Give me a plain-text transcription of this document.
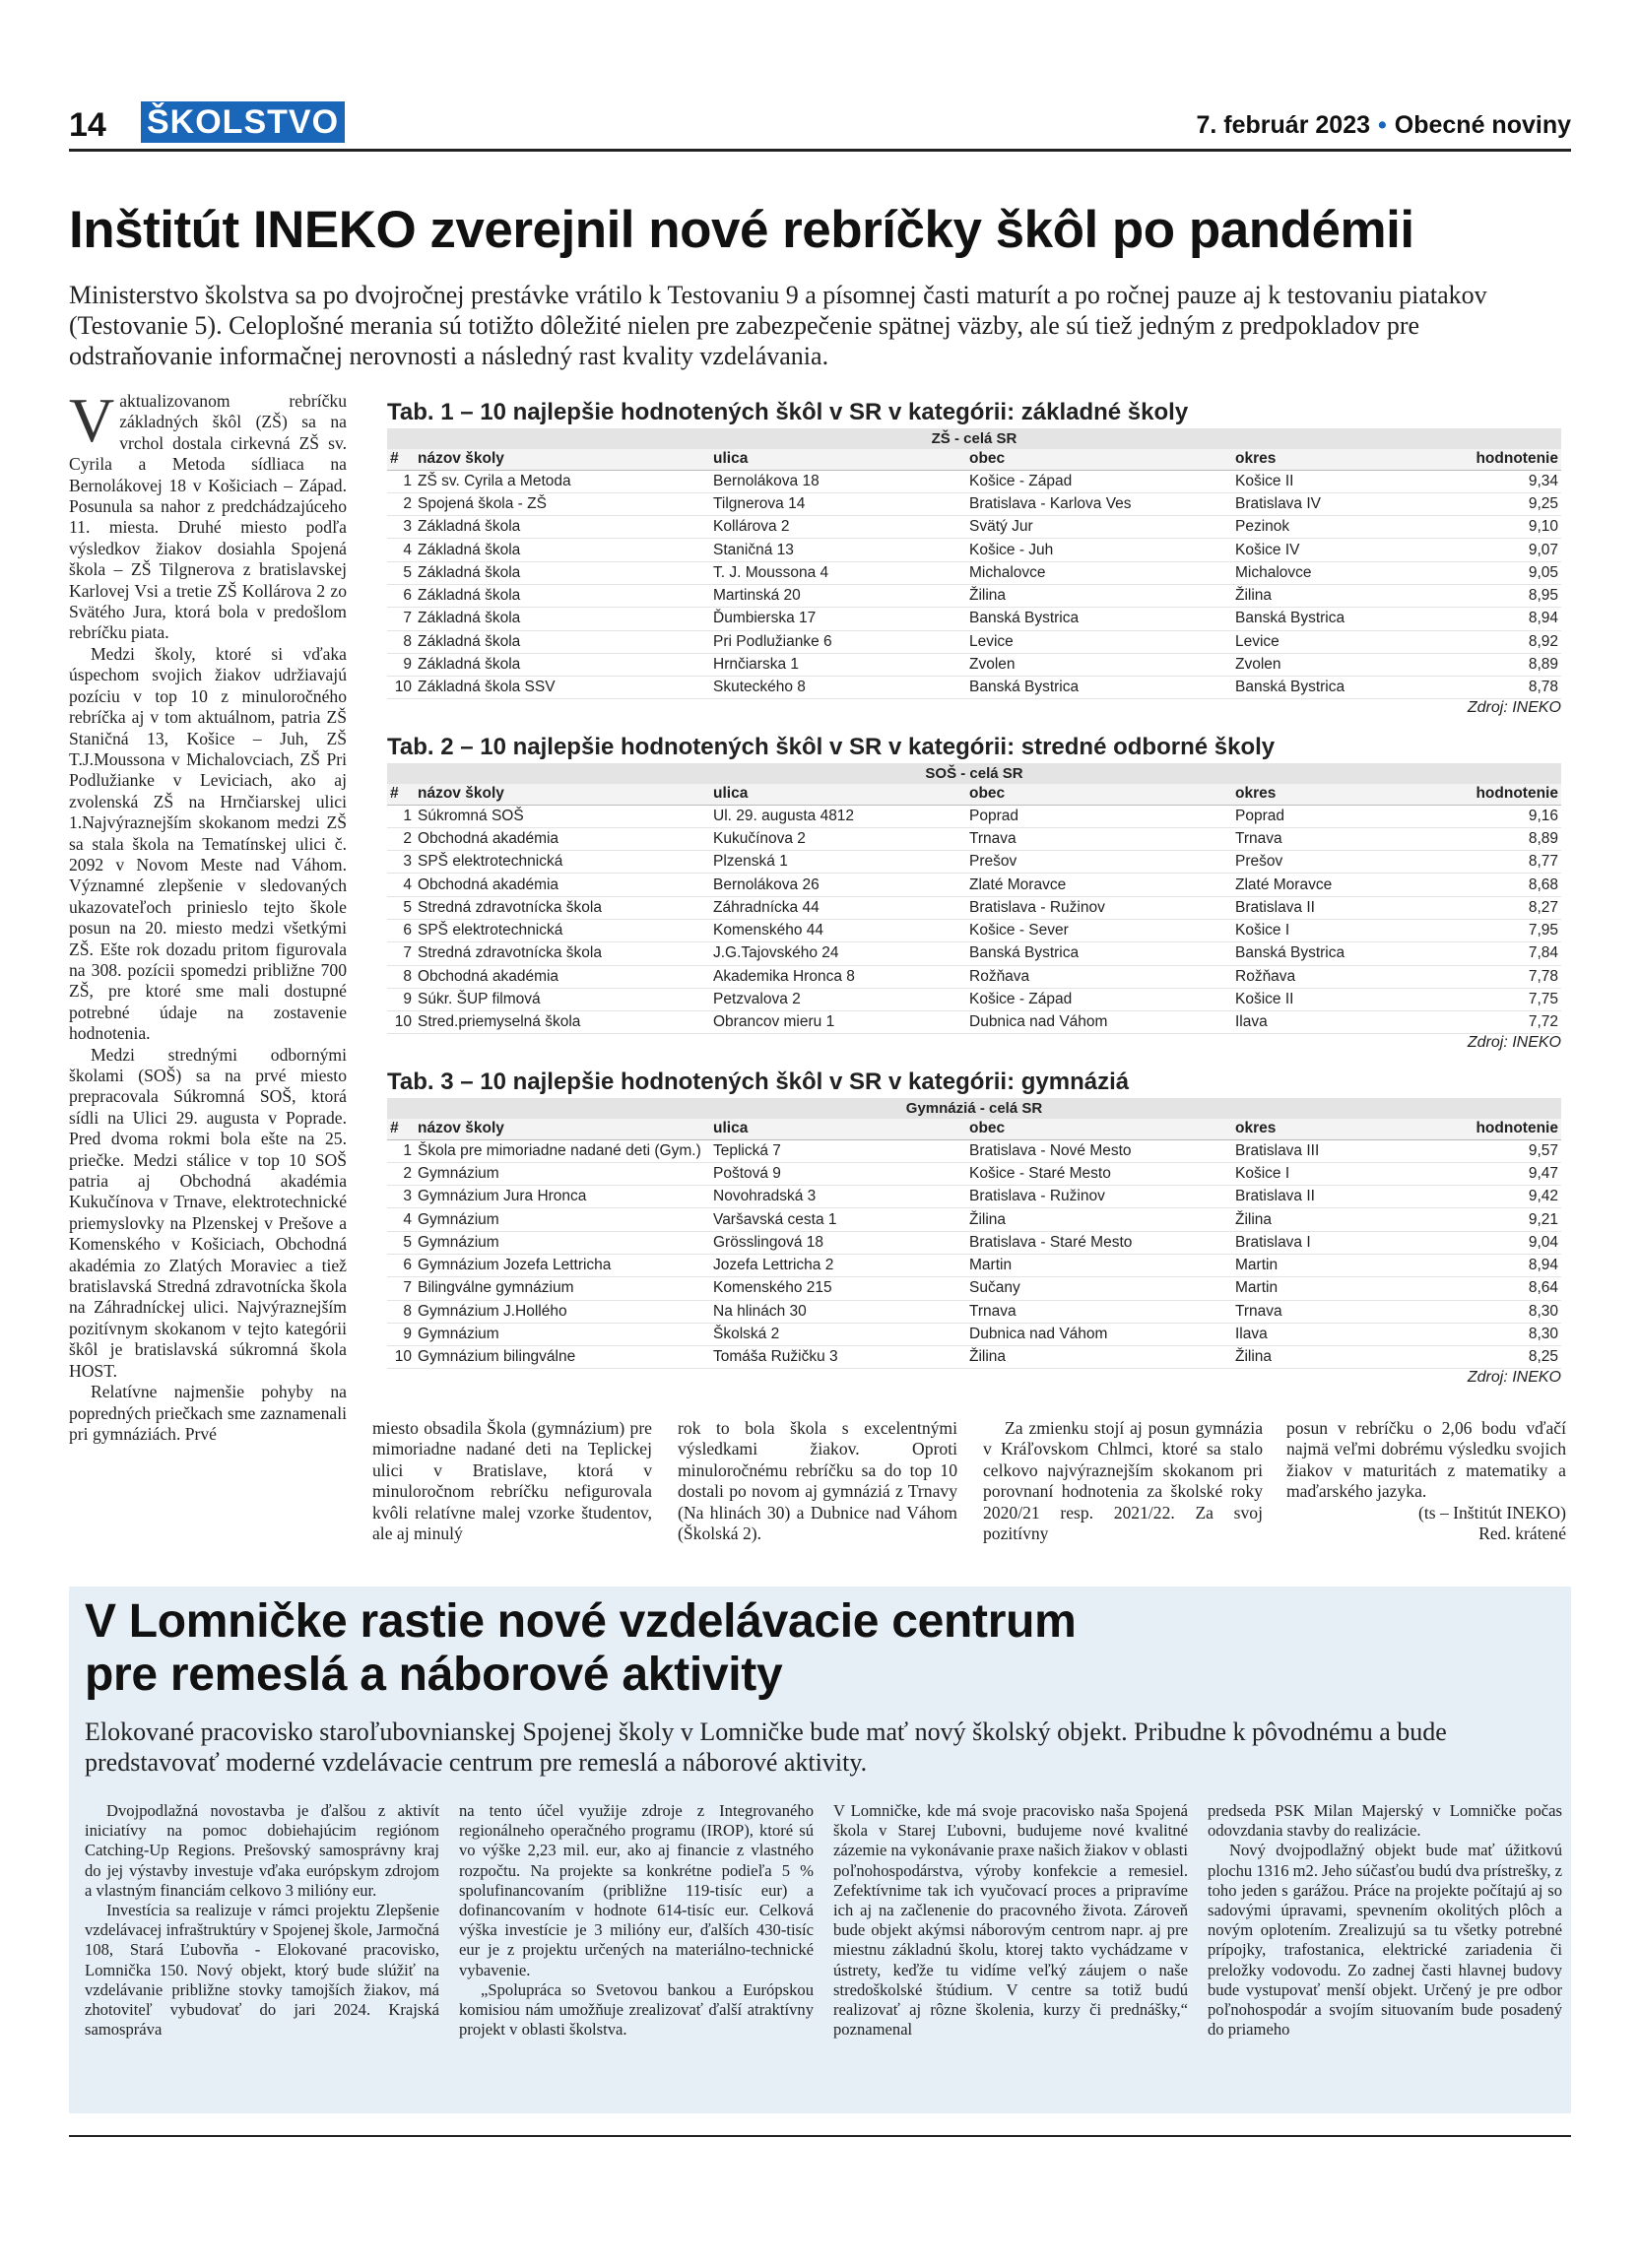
14 ŠKOLSTVO	7. február 2023 • Obecné noviny
Inštitút INEKO zverejnil nové rebríčky škôl po pandémii
Ministerstvo školstva sa po dvojročnej prestávke vrátilo k Testovaniu 9 a písomnej časti maturít a po ročnej pauze aj k testovaniu piatakov (Testovanie 5). Celoplošné merania sú totižto dôležité nielen pre zabezpečenie spätnej väzby, ale sú tiež jedným z predpokladov pre odstraňovanie informačnej nerovnosti a následný rast kvality vzdelávania.

Vaktualizovanom rebríčku základných škôl (ZŠ) sa na vrchol dostala cirkevná ZŠ sv. Cyrila a Metoda sídliaca na Bernolákovej 18 v Košiciach – Západ. Posunula sa nahor z predchádzajúceho 11. miesta. Druhé miesto podľa výsledkov žiakov dosiahla Spojená škola – ZŠ Tilgnerova z bratislavskej Karlovej Vsi a tretie ZŠ Kollárova 2 zo Svätého Jura, ktorá bola v predošlom rebríčku piata.

Medzi školy, ktoré si vďaka úspechom svojich žiakov udržiavajú pozíciu v top 10 z minuloročného rebríčka aj v tom aktuálnom, patria ZŠ Staničná 13, Košice – Juh, ZŠ T.J.Moussona v Michalovciach, ZŠ Pri Podlužianke v Leviciach, ako aj zvolenská ZŠ na Hrnčiarskej ulici 1.Najvýraznejším skokanom medzi ZŠ sa stala škola na Tematínskej ulici č. 2092 v Novom Meste nad Váhom. Významné zlepšenie v sledovaných ukazovateľoch prinieslo tejto škole posun na 20. miesto medzi všetkými ZŠ. Ešte rok dozadu pritom figurovala na 308. pozícii spomedzi približne 700 ZŠ, pre ktoré sme mali dostupné potrebné údaje na zostavenie hodnotenia.

Medzi strednými odbornými školami (SOŠ) sa na prvé miesto prepracovala Súkromná SOŠ, ktorá sídli na Ulici 29. augusta v Poprade. Pred dvoma rokmi bola ešte na 25. priečke. Medzi stálice v top 10 SOŠ patria aj Obchodná akadémia Kukučínova v Trnave, elektrotechnické priemyslovky na Plzenskej v Prešove a Komenského v Košiciach, Obchodná akadémia zo Zlatých Moraviec a tiež bratislavská Stredná zdravotnícka škola na Záhradníckej ulici. Najvýraznejším pozitívnym skokanom v tejto kategórii škôl je bratislavská súkromná škola HOST.

Relatívne najmenšie pohyby na popredných priečkach sme zaznamenali pri gymnáziách. Prvé

Tab. 1 – 10 najlepšie hodnotených škôl v SR v kategórii: základné školy
ZŠ - celá SR
#	názov školy	ulica	obec	okres	hodnotenie
1	ZŠ sv. Cyrila a Metoda	Bernolákova 18	Košice - Západ	Košice II	9,34
2	Spojená škola - ZŠ	Tilgnerova 14	Bratislava - Karlova Ves	Bratislava IV	9,25
3	Základná škola	Kollárova 2	Svätý Jur	Pezinok	9,10
4	Základná škola	Staničná 13	Košice - Juh	Košice IV	9,07
5	Základná škola	T. J. Moussona 4	Michalovce	Michalovce	9,05
6	Základná škola	Martinská 20	Žilina	Žilina	8,95
7	Základná škola	Ďumbierska 17	Banská Bystrica	Banská Bystrica	8,94
8	Základná škola	Pri Podlužianke 6	Levice	Levice	8,92
9	Základná škola	Hrnčiarska 1	Zvolen	Zvolen	8,89
10	Základná škola SSV	Skuteckého 8	Banská Bystrica	Banská Bystrica	8,78
Zdroj: INEKO
Tab. 2 – 10 najlepšie hodnotených škôl v SR v kategórii: stredné odborné školy
SOŠ - celá SR
#	názov školy	ulica	obec	okres	hodnotenie
1	Súkromná SOŠ	Ul. 29. augusta 4812	Poprad	Poprad	9,16
2	Obchodná akadémia	Kukučínova 2	Trnava	Trnava	8,89
3	SPŠ elektrotechnická	Plzenská 1	Prešov	Prešov	8,77
4	Obchodná akadémia	Bernolákova 26	Zlaté Moravce	Zlaté Moravce	8,68
5	Stredná zdravotnícka škola	Záhradnícka 44	Bratislava - Ružinov	Bratislava II	8,27
6	SPŠ elektrotechnická	Komenského 44	Košice - Sever	Košice I	7,95
7	Stredná zdravotnícka škola	J.G.Tajovského 24	Banská Bystrica	Banská Bystrica	7,84
8	Obchodná akadémia	Akademika Hronca 8	Rožňava	Rožňava	7,78
9	Súkr. ŠUP filmová	Petzvalova 2	Košice - Západ	Košice II	7,75
10	Stred.priemyselná škola	Obrancov mieru 1	Dubnica nad Váhom	Ilava	7,72
Zdroj: INEKO
Tab. 3 – 10 najlepšie hodnotených škôl v SR v kategórii: gymnáziá
Gymnáziá - celá SR
#	názov školy	ulica	obec	okres	hodnotenie
1	Škola pre mimoriadne nadané deti (Gym.)	Teplická 7	Bratislava - Nové Mesto	Bratislava III	9,57
2	Gymnázium	Poštová 9	Košice - Staré Mesto	Košice I	9,47
3	Gymnázium Jura Hronca	Novohradská 3	Bratislava - Ružinov	Bratislava II	9,42
4	Gymnázium	Varšavská cesta 1	Žilina	Žilina	9,21
5	Gymnázium	Grösslingová 18	Bratislava - Staré Mesto	Bratislava I	9,04
6	Gymnázium Jozefa Lettricha	Jozefa Lettricha 2	Martin	Martin	8,94
7	Bilingválne gymnázium	Komenského 215	Sučany	Martin	8,64
8	Gymnázium J.Hollého	Na hlinách 30	Trnava	Trnava	8,30
9	Gymnázium	Školská 2	Dubnica nad Váhom	Ilava	8,30
10	Gymnázium bilingválne	Tomáša Ružičku 3	Žilina	Žilina	8,25
Zdroj: INEKO

miesto obsadila Škola (gymnázium) pre mimoriadne nadané deti na Teplickej ulici v Bratislave, ktorá v minuloročnom rebríčku nefigurovala kvôli relatívne malej vzorke študentov, ale aj minulý

rok to bola škola s excelentnými výsledkami žiakov. Oproti minuloročnému rebríčku sa do top 10 dostali po novom aj gymnáziá z Trnavy (Na hlinách 30) a Dubnice nad Váhom (Školská 2).

Za zmienku stojí aj posun gymnázia v Kráľovskom Chlmci, ktoré sa stalo celkovo najvýraznejším skokanom pri porovnaní hodnotenia za školské roky 2020/21 resp. 2021/22. Za svoj pozitívny

posun v rebríčku o 2,06 bodu vďačí najmä veľmi dobrému výsledku svojich žiakov v maturitách z matematiky a maďarského jazyka.

(ts – Inštitút INEKO)
Red. krátené
V Lomničke rastie nové vzdelávacie centrum
pre remeslá a náborové aktivity
Elokované pracovisko staroľubovnianskej Spojenej školy v Lomničke bude mať nový školský objekt. Pribudne k pôvodnému a bude predstavovať moderné vzdelávacie centrum pre remeslá a náborové aktivity.

Dvojpodlažná novostavba je ďalšou z aktivít iniciatívy na pomoc dobiehajúcim regiónom Catching-Up Regions. Prešovský samosprávny kraj do jej výstavby investuje vďaka európskym zdrojom a vlastným financiám celkovo 3 milióny eur.

Investícia sa realizuje v rámci projektu Zlepšenie vzdelávacej infraštruktúry v Spojenej škole, Jarmočná 108, Stará Ľubovňa - Elokované pracovisko, Lomnička 150. Nový objekt, ktorý bude slúžiť na vzdelávanie približne stovky tamojších žiakov, má zhotoviteľ vybudovať do jari 2024. Krajská samospráva

na tento účel využije zdroje z Integrovaného regionálneho operačného programu (IROP), ktoré sú vo výške 2,23 mil. eur, ako aj financie z vlastného rozpočtu. Na projekte sa konkrétne podieľa 5 % spolufinancovaním (približne 119-tisíc eur) a dofinancovaním v hodnote 614-tisíc eur. Celková výška investície je 3 milióny eur, ďalších 430-tisíc eur je z projektu určených na materiálno-technické vybavenie.

„Spolupráca so Svetovou bankou a Európskou komisiou nám umožňuje zrealizovať ďalší atraktívny projekt v oblasti školstva.

V Lomničke, kde má svoje pracovisko naša Spojená škola v Starej Ľubovni, budujeme nové kvalitné zázemie na vykonávanie praxe našich žiakov v oblasti poľnohospodárstva, výroby konfekcie a remesiel. Zefektívnime tak ich vyučovací proces a pripravíme ich aj na začlenenie do pracovného života. Zároveň bude objekt akýmsi náborovým centrom napr. aj pre miestnu základnú školu, ktorej takto vychádzame v ústrety, keďže tu vidíme veľký záujem o naše stredoškolské štúdium. V centre sa totiž budú realizovať aj rôzne školenia, kurzy či prednášky,“ poznamenal

predseda PSK Milan Majerský v Lomničke počas odovzdania stavby do realizácie.

Nový dvojpodlažný objekt bude mať úžitkovú plochu 1316 m2. Jeho súčasťou budú dva prístrešky, z toho jeden s garážou. Práce na projekte počítajú aj so sadovými úpravami, spevnením okolitých plôch a novým oplotením. Zrealizujú sa tu všetky potrebné prípojky, trafostanica, elektrické zariadenia či preložky vodovodu. Zo zadnej časti hlavnej budovy bude vystupovať menší objekt. Určený je pre odbor poľnohospodár a svojím situovaním bude posadený do priameho
